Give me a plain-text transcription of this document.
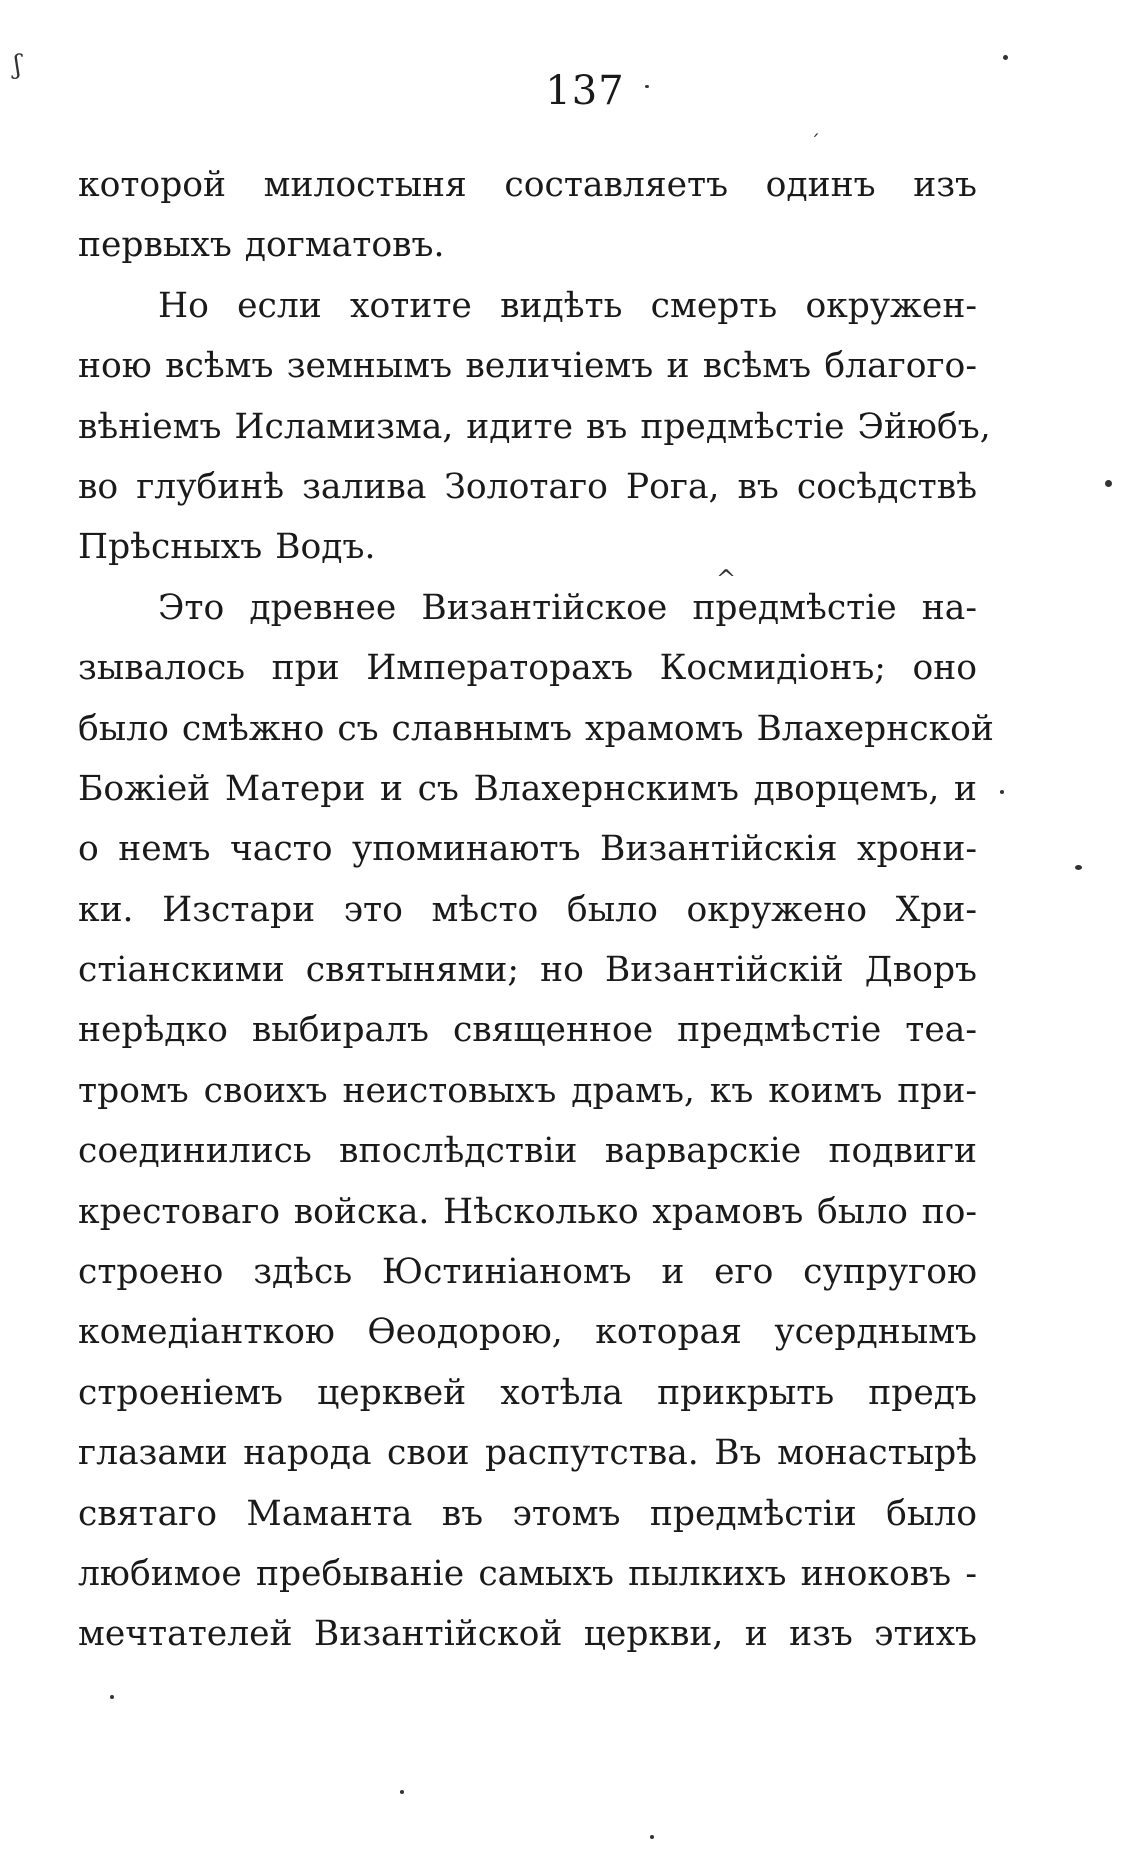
137
которой милостыня составляетъ одинъ изъ
первыхъ догматовъ.
Но если хотите видѣть смерть окружен-
ною всѣмъ земнымъ величіемъ и всѣмъ благого-
вѣніемъ Исламизма, идите въ предмѣстіе Эйюбъ,
во глубинѣ залива Золотаго Рога, въ сосѣдствѣ
Прѣсныхъ Водъ.
Это древнее Византійское предмѣстіе на-
зывалось при Императорахъ Космидіонъ; оно
было смѣжно съ славнымъ храмомъ Влахернской
Божіей Матери и съ Влахернскимъ дворцемъ, и
о немъ часто упоминаютъ Византійскія хрони-
ки. Изстари это мѣсто было окружено Хри-
стіанскими святынями; но Византійскій Дворъ
нерѣдко выбиралъ священное предмѣстіе теа-
тромъ своихъ неистовыхъ драмъ, къ коимъ при-
соединились впослѣдствіи варварскіе подвиги
крестоваго войска. Нѣсколько храмовъ было по-
строено здѣсь Юстиніаномъ и его супругою
комедіанткою Ѳеодорою, которая усерднымъ
строеніемъ церквей хотѣла прикрыть предъ
глазами народа свои распутства. Въ монастырѣ
святаго Маманта въ этомъ предмѣстіи было
любимое пребываніе самыхъ пылкихъ иноковъ -
мечтателей Византійской церкви, и изъ этихъ
ʃ
ˊ
^
